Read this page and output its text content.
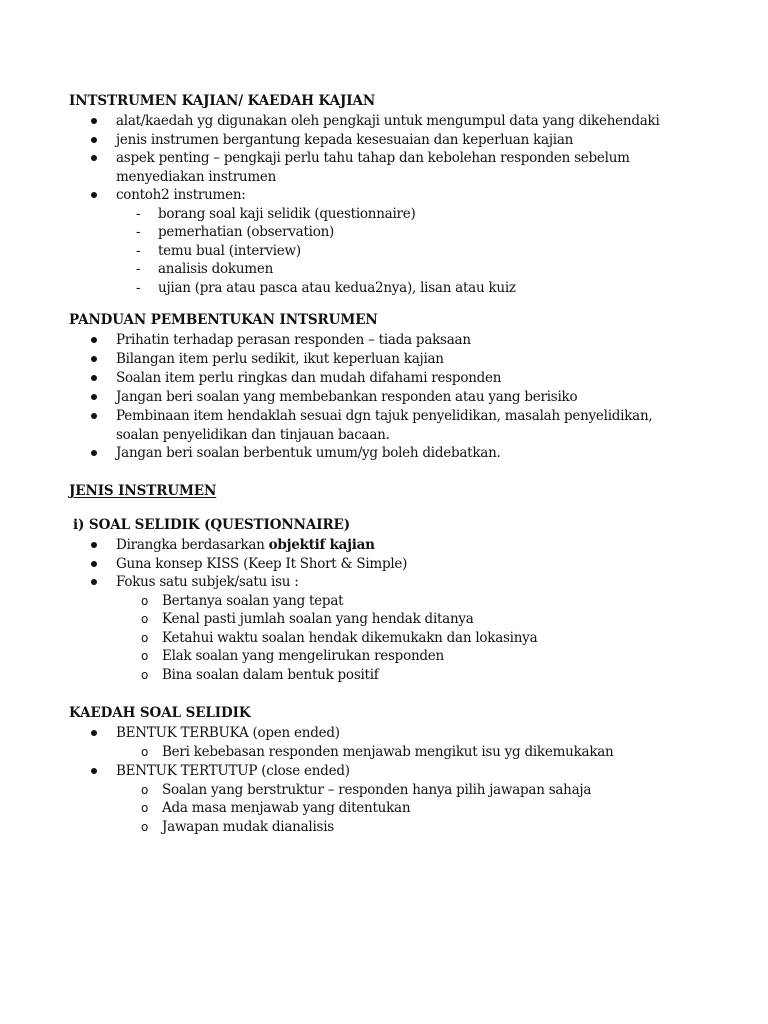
INTSTRUMEN KAJIAN/ KAEDAH KAJIAN
alat/kaedah yg digunakan oleh pengkaji untuk mengumpul data yang dikehendaki
jenis instrumen bergantung kepada kesesuaian dan keperluan kajian
aspek penting – pengkaji perlu tahu tahap dan kebolehan responden sebelum menyediakan instrumen
contoh2 instrumen:
- borang soal kaji selidik (questionnaire)
- pemerhatian (observation)
- temu bual (interview)
- analisis dokumen
- ujian (pra atau pasca atau kedua2nya), lisan atau kuiz
PANDUAN PEMBENTUKAN INTSRUMEN
Prihatin terhadap perasan responden – tiada paksaan
Bilangan item perlu sedikit, ikut keperluan kajian
Soalan item perlu ringkas dan mudah difahami responden
Jangan beri soalan yang membebankan responden atau yang berisiko
Pembinaan item hendaklah sesuai dgn tajuk penyelidikan, masalah penyelidikan, soalan penyelidikan dan tinjauan bacaan.
Jangan beri soalan berbentuk umum/yg boleh didebatkan.
JENIS INSTRUMEN
i) SOAL SELIDIK (QUESTIONNAIRE)
Dirangka berdasarkan objektif kajian
Guna konsep KISS (Keep It Short & Simple)
Fokus satu subjek/satu isu :
o Bertanya soalan yang tepat
o Kenal pasti jumlah soalan yang hendak ditanya
o Ketahui waktu soalan hendak dikemukakn dan lokasinya
o Elak soalan yang mengelirukan responden
o Bina soalan dalam bentuk positif
KAEDAH SOAL SELIDIK
BENTUK TERBUKA (open ended)
o Beri kebebasan responden menjawab mengikut isu yg dikemukakan
BENTUK TERTUTUP (close ended)
o Soalan yang berstruktur – responden hanya pilih jawapan sahaja
o Ada masa menjawab yang ditentukan
o Jawapan mudak dianalisis
